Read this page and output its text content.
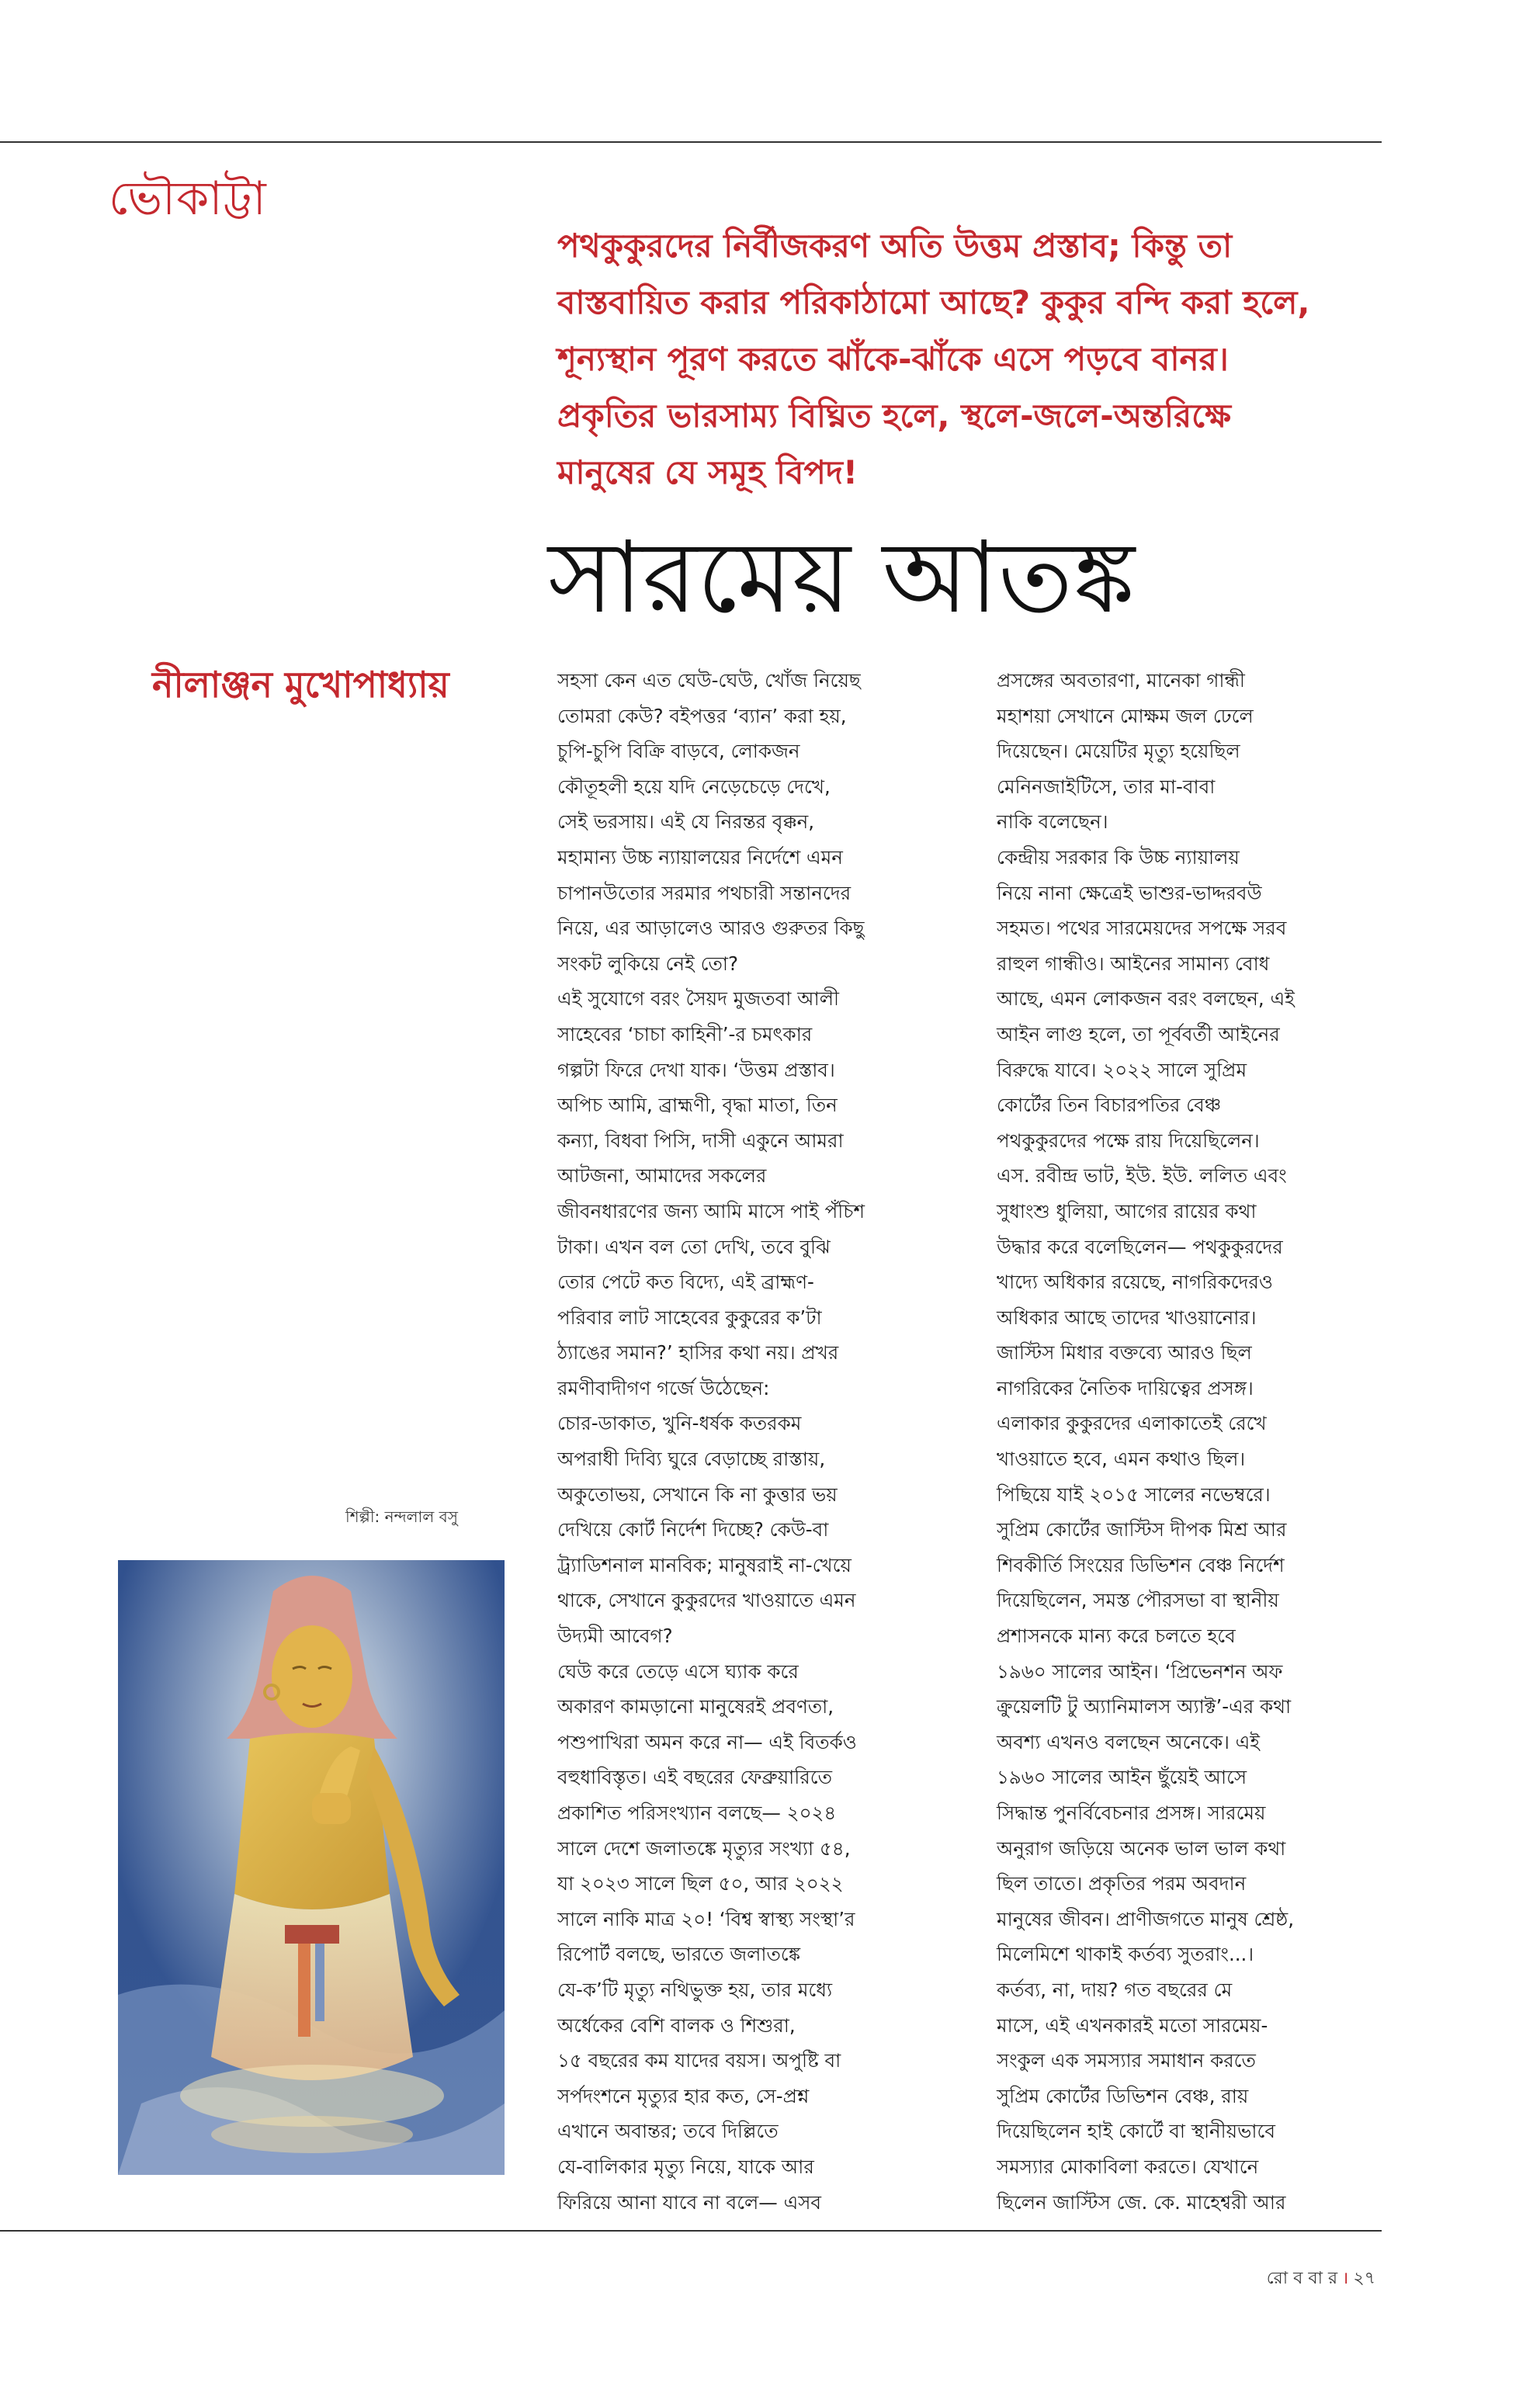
ভৌকাট্টা
পথকুকুরদের নির্বীজকরণ অতি উত্তম প্রস্তাব; কিন্তু তা বাস্তবায়িত করার পরিকাঠামো আছে? কুকুর বন্দি করা হলে, শূন্যস্থান পূরণ করতে ঝাঁকে-ঝাঁকে এসে পড়বে বানর। প্রকৃতির ভারসাম্য বিঘ্নিত হলে, স্থলে-জলে-অন্তরিক্ষে মানুষের যে সমূহ বিপদ!
সারমেয় আতঙ্ক
নীলাঞ্জন মুখোপাধ্যায়
শিল্পী: নন্দলাল বসু

সহসা কেন এত ঘেউ-ঘেউ, খোঁজ নিয়েছ
তোমরা কেউ? বইপত্তর ‘ব্যান’ করা হয়,
চুপি-চুপি বিক্রি বাড়বে, লোকজন
কৌতূহলী হয়ে যদি নেড়েচেড়ে দেখে,
সেই ভরসায়। এই যে নিরন্তর বৃক্কন,
মহামান্য উচ্চ ন্যায়ালয়ের নির্দেশে এমন
চাপানউতোর সরমার পথচারী সন্তানদের
নিয়ে, এর আড়ালেও আরও গুরুতর কিছু
সংকট লুকিয়ে নেই তো?

এই সুযোগে বরং সৈয়দ মুজতবা আলী
সাহেবের ‘চাচা কাহিনী’-র চমৎকার
গল্পটা ফিরে দেখা যাক। ‘উত্তম প্রস্তাব।
অপিচ আমি, ব্রাহ্মণী, বৃদ্ধা মাতা, তিন
কন্যা, বিধবা পিসি, দাসী একুনে আমরা
আটজনা, আমাদের সকলের
জীবনধারণের জন্য আমি মাসে পাই পঁচিশ
টাকা। এখন বল তো দেখি, তবে বুঝি
তোর পেটে কত বিদ্যে, এই ব্রাহ্মণ-
পরিবার লাট সাহেবের কুকুরের ক’টা
ঠ্যাঙের সমান?’ হাসির কথা নয়। প্রখর
রমণীবাদীগণ গর্জে উঠেছেন:
চোর-ডাকাত, খুনি-ধর্ষক কতরকম
অপরাধী দিব্যি ঘুরে বেড়াচ্ছে রাস্তায়,
অকুতোভয়, সেখানে কি না কুত্তার ভয়
দেখিয়ে কোর্ট নির্দেশ দিচ্ছে? কেউ-বা
ট্র্যাডিশনাল মানবিক; মানুষরাই না-খেয়ে
থাকে, সেখানে কুকুরদের খাওয়াতে এমন
উদ্যমী আবেগ?

ঘেউ করে তেড়ে এসে ঘ্যাক করে
অকারণ কামড়ানো মানুষেরই প্রবণতা,
পশুপাখিরা অমন করে না— এই বিতর্কও
বহুধাবিস্তৃত। এই বছরের ফেব্রুয়ারিতে
প্রকাশিত পরিসংখ্যান বলছে— ২০২৪
সালে দেশে জলাতঙ্কে মৃত্যুর সংখ্যা ৫৪,
যা ২০২৩ সালে ছিল ৫০, আর ২০২২
সালে নাকি মাত্র ২০! ‘বিশ্ব স্বাস্থ্য সংস্থা’র
রিপোর্ট বলছে, ভারতে জলাতঙ্কে
যে-ক’টি মৃত্যু নথিভুক্ত হয়, তার মধ্যে
অর্ধেকের বেশি বালক ও শিশুরা,
১৫ বছরের কম যাদের বয়স। অপুষ্টি বা
সর্পদংশনে মৃত্যুর হার কত, সে-প্রশ্ন
এখানে অবান্তর; তবে দিল্লিতে
যে-বালিকার মৃত্যু নিয়ে, যাকে আর
ফিরিয়ে আনা যাবে না বলে— এসব

প্রসঙ্গের অবতারণা, মানেকা গান্ধী
মহাশয়া সেখানে মোক্ষম জল ঢেলে
দিয়েছেন। মেয়েটির মৃত্যু হয়েছিল
মেনিনজাইটিসে, তার মা-বাবা
নাকি বলেছেন।

কেন্দ্রীয় সরকার কি উচ্চ ন্যায়ালয়
নিয়ে নানা ক্ষেত্রেই ভাশুর-ভাদ্দরবউ
সহমত। পথের সারমেয়দের সপক্ষে সরব
রাহুল গান্ধীও। আইনের সামান্য বোধ
আছে, এমন লোকজন বরং বলছেন, এই
আইন লাগু হলে, তা পূর্ববর্তী আইনের
বিরুদ্ধে যাবে। ২০২২ সালে সুপ্রিম
কোর্টের তিন বিচারপতির বেঞ্চ
পথকুকুরদের পক্ষে রায় দিয়েছিলেন।
এস. রবীন্দ্র ভাট, ইউ. ইউ. ললিত এবং
সুধাংশু ধুলিয়া, আগের রায়ের কথা
উদ্ধার করে বলেছিলেন— পথকুকুরদের
খাদ্যে অধিকার রয়েছে, নাগরিকদেরও
অধিকার আছে তাদের খাওয়ানোর।
জাস্টিস মিধার বক্তব্যে আরও ছিল
নাগরিকের নৈতিক দায়িত্বের প্রসঙ্গ।
এলাকার কুকুরদের এলাকাতেই রেখে
খাওয়াতে হবে, এমন কথাও ছিল।

পিছিয়ে যাই ২০১৫ সালের নভেম্বরে।
সুপ্রিম কোর্টের জাস্টিস দীপক মিশ্র আর
শিবকীর্তি সিংয়ের ডিভিশন বেঞ্চ নির্দেশ
দিয়েছিলেন, সমস্ত পৌরসভা বা স্থানীয়
প্রশাসনকে মান্য করে চলতে হবে
১৯৬০ সালের আইন। ‘প্রিভেনশন অফ
ক্রুয়েলটি টু অ্যানিমালস অ্যাক্ট’-এর কথা
অবশ্য এখনও বলছেন অনেকে। এই
১৯৬০ সালের আইন ছুঁয়েই আসে
সিদ্ধান্ত পুনর্বিবেচনার প্রসঙ্গ। সারমেয়
অনুরাগ জড়িয়ে অনেক ভাল ভাল কথা
ছিল তাতে। প্রকৃতির পরম অবদান
মানুষের জীবন। প্রাণীজগতে মানুষ শ্রেষ্ঠ,
মিলেমিশে থাকাই কর্তব্য সুতরাং...।

কর্তব্য, না, দায়? গত বছরের মে
মাসে, এই এখনকারই মতো সারমেয়-
সংকুল এক সমস্যার সমাধান করতে
সুপ্রিম কোর্টের ডিভিশন বেঞ্চ, রায়
দিয়েছিলেন হাই কোর্টে বা স্থানীয়ভাবে
সমস্যার মোকাবিলা করতে। যেখানে
ছিলেন জাস্টিস জে. কে. মাহেশ্বরী আর

রো ব বা র । ২৭
